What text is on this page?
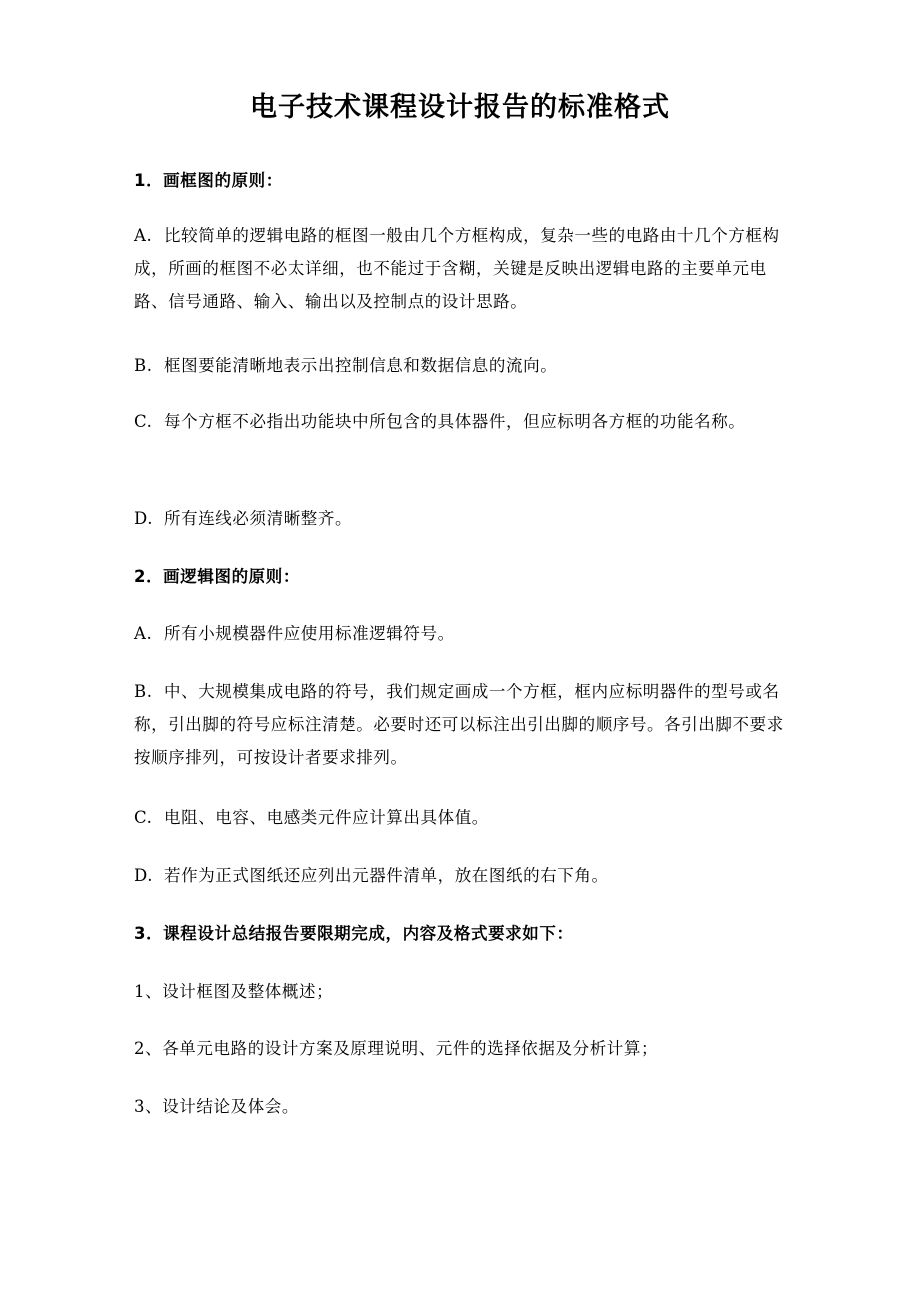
电子技术课程设计报告的标准格式
1．画框图的原则：

A. 比较简单的逻辑电路的框图一般由几个方框构成，复杂一些的电路由十几个方框构成，所画的框图不必太详细，也不能过于含糊，关键是反映出逻辑电路的主要单元电路、信号通路、输入、输出以及控制点的设计思路。

B. 框图要能清晰地表示出控制信息和数据信息的流向。

C. 每个方框不必指出功能块中所包含的具体器件，但应标明各方框的功能名称。

D. 所有连线必须清晰整齐。

2．画逻辑图的原则：

A. 所有小规模器件应使用标准逻辑符号。

B. 中、大规模集成电路的符号，我们规定画成一个方框，框内应标明器件的型号或名称，引出脚的符号应标注清楚。必要时还可以标注出引出脚的顺序号。各引出脚不要求按顺序排列，可按设计者要求排列。

C. 电阻、电容、电感类元件应计算出具体值。

D. 若作为正式图纸还应列出元器件清单，放在图纸的右下角。

3．课程设计总结报告要限期完成，内容及格式要求如下：

1、设计框图及整体概述；

2、各单元电路的设计方案及原理说明、元件的选择依据及分析计算；

3、设计结论及体会。
